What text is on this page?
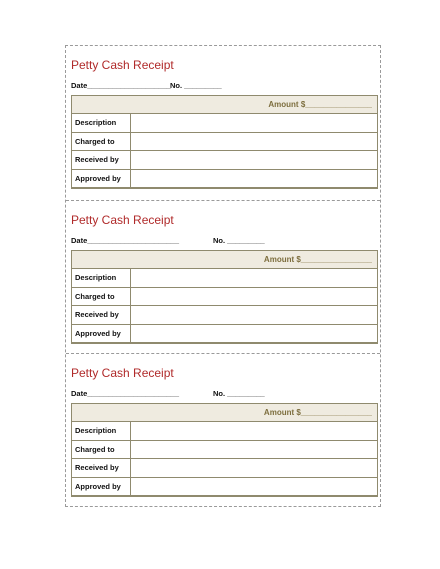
Petty Cash Receipt
Date____________________ No. _________
Amount $_______________
Description
Charged to
Received by
Approved by
Petty Cash Receipt
Date______________________	No. _________
Amount $________________
Description
Charged to
Received by
Approved by
Petty Cash Receipt
Date______________________	No. _________
Amount $________________
Description
Charged to
Received by
Approved by
